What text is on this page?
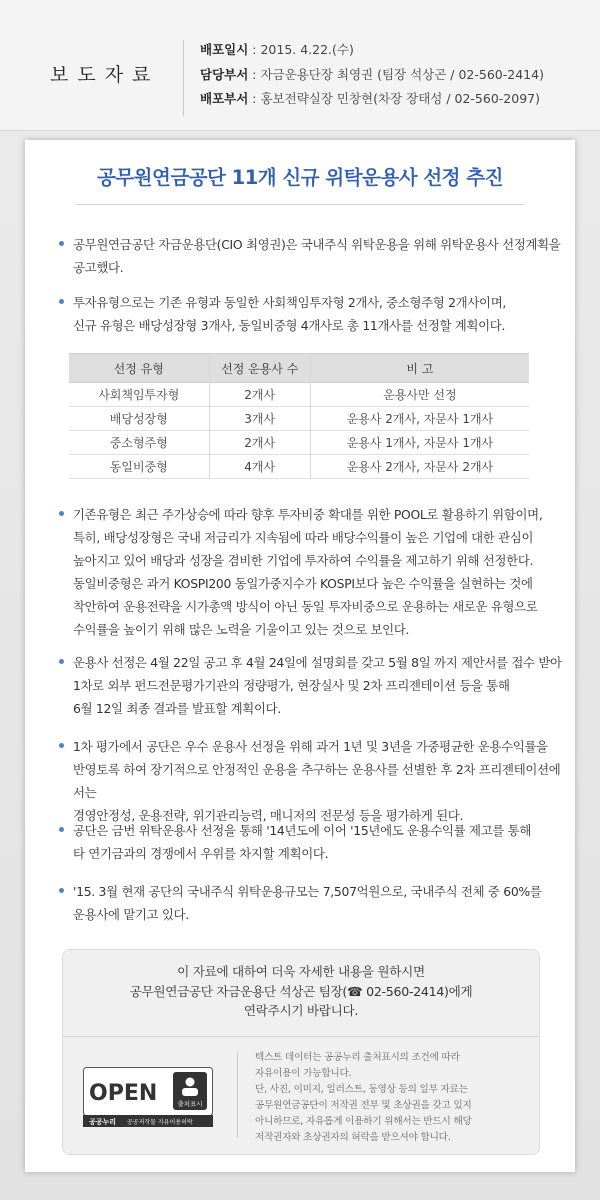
보도자료
배포일시 : 2015. 4.22.(수)
담당부서 : 자금운용단장 최영권 (팀장 석상곤 / 02-560-2414)
배포부서 : 홍보전략실장 민창현(차장 장태성 / 02-560-2097)
공무원연금공단 11개 신규 위탁운용사 선정 추진
공무원연금공단 자금운용단(CIO 최영권)은 국내주식 위탁운용을 위해 위탁운용사 선정계획을
공고했다.
투자유형으로는 기존 유형과 동일한 사회책임투자형 2개사, 중소형주형 2개사이며,
신규 유형은 배당성장형 3개사, 동일비중형 4개사로 총 11개사를 선정할 계획이다.
선정 유형	선정 운용사 수	비 고
사회책임투자형	2개사	운용사만 선정
배당성장형	3개사	운용사 2개사, 자문사 1개사
중소형주형	2개사	운용사 1개사, 자문사 1개사
동일비중형	4개사	운용사 2개사, 자문사 2개사
기존유형은 최근 주가상승에 따라 향후 투자비중 확대를 위한 POOL로 활용하기 위함이며,
특히, 배당성장형은 국내 저금리가 지속됨에 따라 배당수익률이 높은 기업에 대한 관심이
높아지고 있어 배당과 성장을 겸비한 기업에 투자하여 수익률을 제고하기 위해 선정한다.
동일비중형은 과거 KOSPI200 동일가중지수가 KOSPI보다 높은 수익률을 실현하는 것에
착안하여 운용전략을 시가총액 방식이 아닌 동일 투자비중으로 운용하는 새로운 유형으로
수익률을 높이기 위해 많은 노력을 기울이고 있는 것으로 보인다.
운용사 선정은 4월 22일 공고 후 4월 24일에 설명회를 갖고 5월 8일 까지 제안서를 접수 받아
1차로 외부 펀드전문평가기관의 정량평가, 현장실사 및 2차 프리젠테이션 등을 통해
6월 12일 최종 결과를 발표할 계획이다.
1차 평가에서 공단은 우수 운용사 선정을 위해 과거 1년 및 3년을 가중평균한 운용수익률을
반영토록 하여 장기적으로 안정적인 운용을 추구하는 운용사를 선별한 후 2차 프리젠테이션에서는
경영안정성, 운용전략, 위기관리능력, 매니저의 전문성 등을 평가하게 된다.
공단은 금번 위탁운용사 선정을 통해 '14년도에 이어 '15년에도 운용수익률 제고를 통해
타 연기금과의 경쟁에서 우위를 차지할 계획이다.
'15. 3월 현재 공단의 국내주식 위탁운용규모는 7,507억원으로, 국내주식 전체 중 60%를
운용사에 맡기고 있다.
이 자료에 대하여 더욱 자세한 내용을 원하시면
공무원연금공단 자금운용단 석상곤 팀장(☎ 02-560-2414)에게
연락주시기 바랍니다.
OPEN	출처표시
공공누리 공공저작물 자유이용허락
텍스트 데이터는 공공누리 출처표시의 조건에 따라
자유이용이 가능합니다.
단, 사진, 이미지, 일러스트, 동영상 등의 일부 자료는
공무원연금공단이 저작권 전부 및 초상권을 갖고 있지
아니하므로, 자유롭게 이용하기 위해서는 반드시 해당
저작권자와 초상권자의 허락을 받으셔야 합니다.
